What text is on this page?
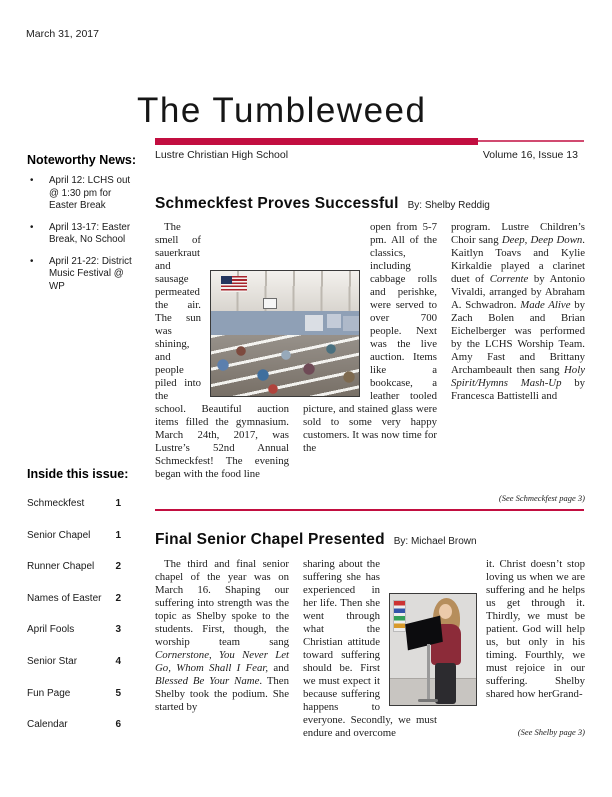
March 31, 2017
The Tumbleweed
Lustre Christian High School	Volume 16, Issue 13
Noteworthy News:
•	April 12: LCHS out @ 1:30 pm for Easter Break
•	April 13-17: Easter Break, No School
•	April 21-22: District Music Festival @ WP
Inside this issue:
Schmeckfest	1
Senior Chapel	1
Runner Chapel 2
Names of Easter 2
April Fools	3
Senior Star	4
Fun Page	5
Calendar	6
Schmeckfest Proves Successful By: Shelby Reddig
The smell of sauerkraut and sausage permeated the air. The sun was shining, and people piled into the school. Beautiful auction items filled the gymnasium. March 24th, 2017, was Lustre’s 52nd Annual Schmeckfest! The evening began with the food line
open from 5-7 pm. All of the classics, including cabbage rolls and perishke, were served to over 700 people. Next was the live auction. Items like a bookcase, a leather tooled picture, and stained glass were sold to some very happy customers. It was now time for the
program. Lustre Children’s Choir sang Deep, Deep Down. Kaitlyn Toavs and Kylie Kirkaldie played a clarinet duet of Corrente by Antonio Vivaldi, arranged by Abraham A. Schwadron. Made Alive by Zach Bolen and Brian Eichelberger was performed by the LCHS Worship Team. Amy Fast and Brittany Archambeault then sang Holy Spirit/Hymns Mash-Up by Francesca Battistelli and
(See Schmeckfest page 3)
Final Senior Chapel Presented By: Michael Brown
The third and final senior chapel of the year was on March 16. Shaping our suffering into strength was the topic as Shelby spoke to the students. First, though, the worship team sang Cornerstone, You Never Let Go, Whom Shall I Fear, and Blessed Be Your Name. Then Shelby took the podium. She started by
sharing about the suffering she has experienced in her life. Then she went through what the Christian attitude toward suffering should be. First we must expect it because suffering happens to everyone. Secondly, we must endure and overcome
it. Christ doesn’t stop loving us when we are suffering and he helps us get through it. Thirdly, we must be patient. God will help us, but only in his timing. Fourthly, we must rejoice in our suffering. Shelby shared how herGrand-
(See Shelby page 3)
